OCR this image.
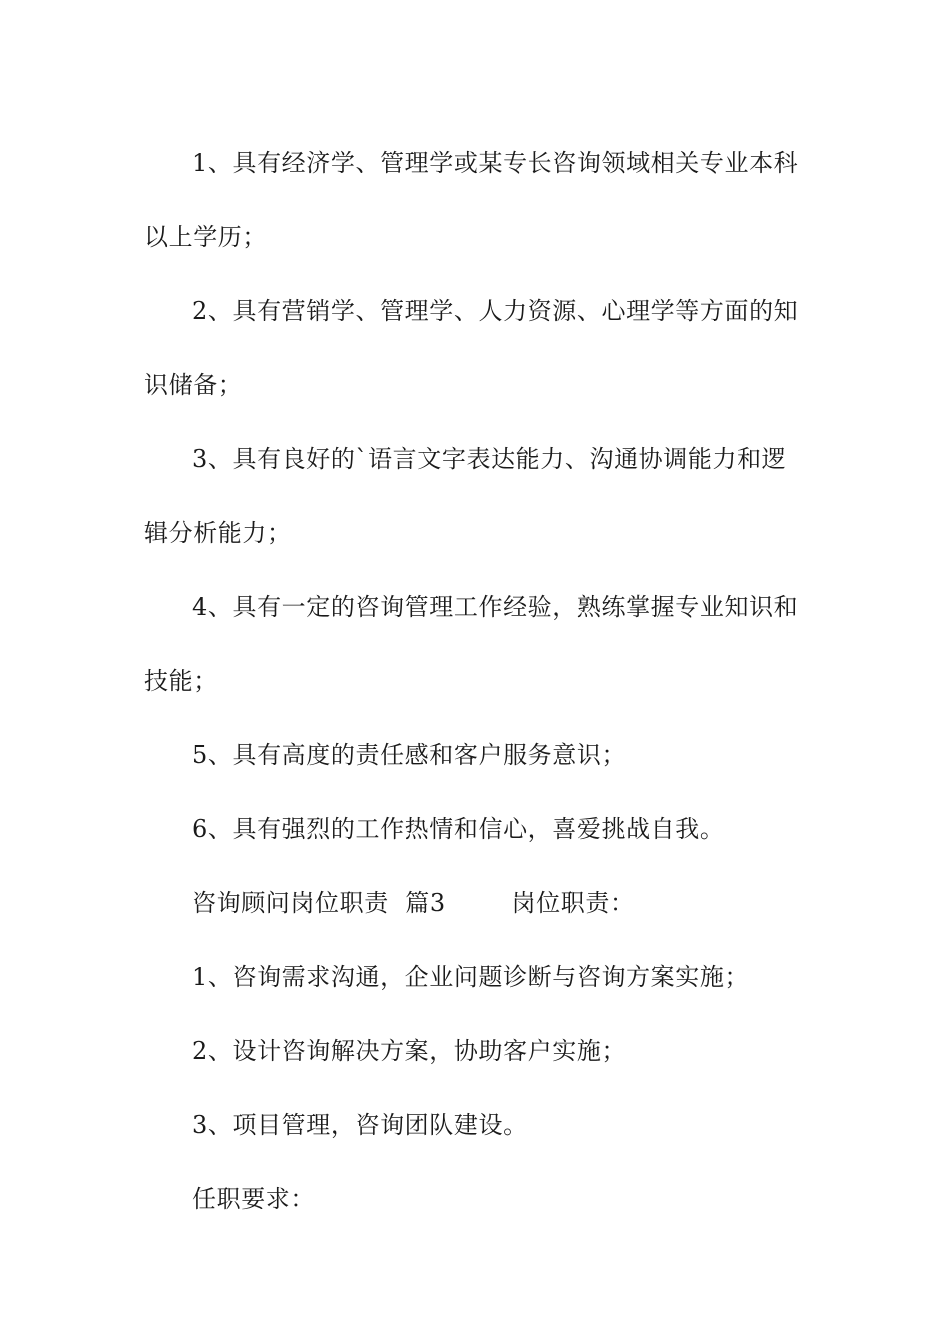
1、具有经济学、管理学或某专长咨询领域相关专业本科以上学历；

2、具有营销学、管理学、人力资源、心理学等方面的知识储备；

3、具有良好的`语言文字表达能力、沟通协调能力和逻辑分析能力；

4、具有一定的咨询管理工作经验，熟练掌握专业知识和技能；

5、具有高度的责任感和客户服务意识；

6、具有强烈的工作热情和信心，喜爱挑战自我。

咨询顾问岗位职责  篇3        岗位职责：

1、咨询需求沟通，企业问题诊断与咨询方案实施；

2、设计咨询解决方案，协助客户实施；

3、项目管理，咨询团队建设。

任职要求：
